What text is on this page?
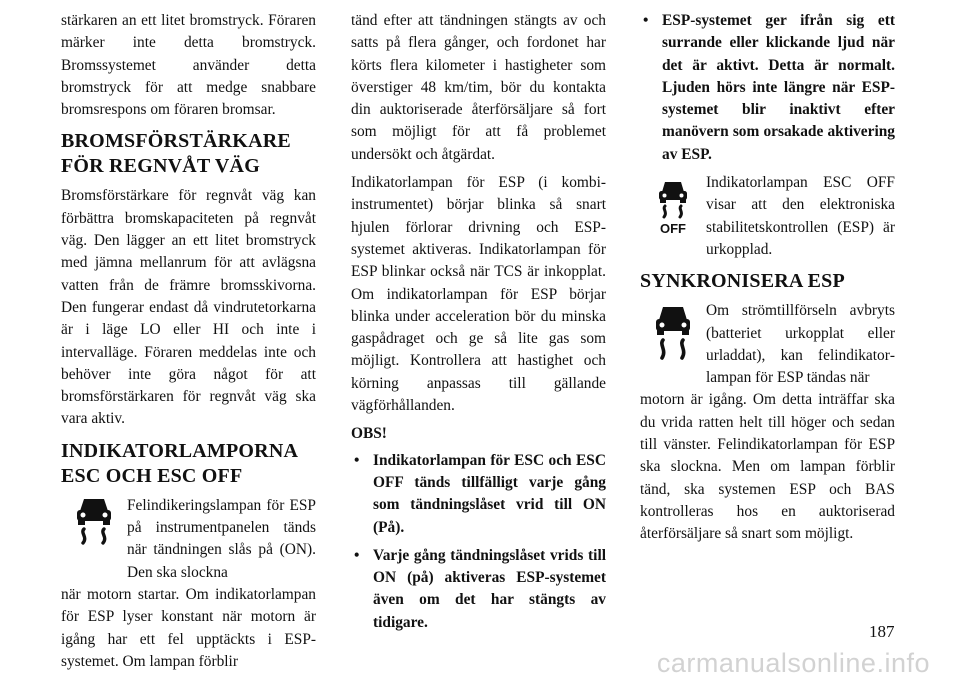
stärkaren an ett litet bromstryck. Föraren märker inte detta bromstryck. Bromssystemet använder detta bromstryck för att medge snabbare bromsrespons om föraren bromsar.

BROMSFÖRSTÄRKARE FÖR REGNVÅT VÄG

Bromsförstärkare för regnvåt väg kan förbättra bromskapaciteten på regnvåt väg. Den lägger an ett litet bromstryck med jämna mellanrum för att avlägsna vatten från de främre bromsskivorna. Den fungerar endast då vindrutetorkarna är i läge LO eller HI och inte i intervalläge. Föraren meddelas inte och behöver inte göra något för att bromsförstärkaren för regnvåt väg ska vara aktiv.

INDIKATORLAMPORNA ESC OCH ESC OFF

Felindikeringslampan för ESP på instrumentpanelen tänds när tändningen slås på (ON). Den ska slockna

när motorn startar. Om indikatorlampan för ESP lyser konstant när motorn är igång har ett fel upptäckts i ESP-systemet. Om lampan förblir

tänd efter att tändningen stängts av och satts på flera gånger, och fordonet har körts flera kilometer i hastigheter som överstiger 48 km/tim, bör du kontakta din auktoriserade återförsäljare så fort som möjligt för att få problemet undersökt och åtgärdat.

Indikatorlampan för ESP (i kombiinstrumentet) börjar blinka så snart hjulen förlorar drivning och ESP-systemet aktiveras. Indikatorlampan för ESP blinkar också när TCS är inkopplat. Om indikatorlampan för ESP börjar blinka under acceleration bör du minska gaspådraget och ge så lite gas som möjligt. Kontrollera att hastighet och körning anpassas till gällande vägförhållanden.

OBS!

• Indikatorlampan för ESC och ESC OFF tänds tillfälligt varje gång som tändningslåset vrid till ON (På).
• Varje gång tändningslåset vrids till ON (på) aktiveras ESP-systemet även om det har stängts av tidigare.
• ESP-systemet ger ifrån sig ett surrande eller klickande ljud när det är aktivt. Detta är normalt. Ljuden hörs inte längre när ESP-systemet blir inaktivt efter manövern som orsakade aktivering av ESP.
OFF

Indikatorlampan ESC OFF visar att den elektroniska stabilitetskontrollen (ESP) är urkopplad.

SYNKRONISERA ESP

Om strömtillförseln avbryts (batteriet urkopplat eller urladdat), kan felindikatorlampan för ESP tändas när

motorn är igång. Om detta inträffar ska du vrida ratten helt till höger och sedan till vänster. Felindikatorlampan för ESP ska slockna. Men om lampan förblir tänd, ska systemen ESP och BAS kontrolleras hos en auktoriserad återförsäljare så snart som möjligt.

187
carmanualsonline.info
